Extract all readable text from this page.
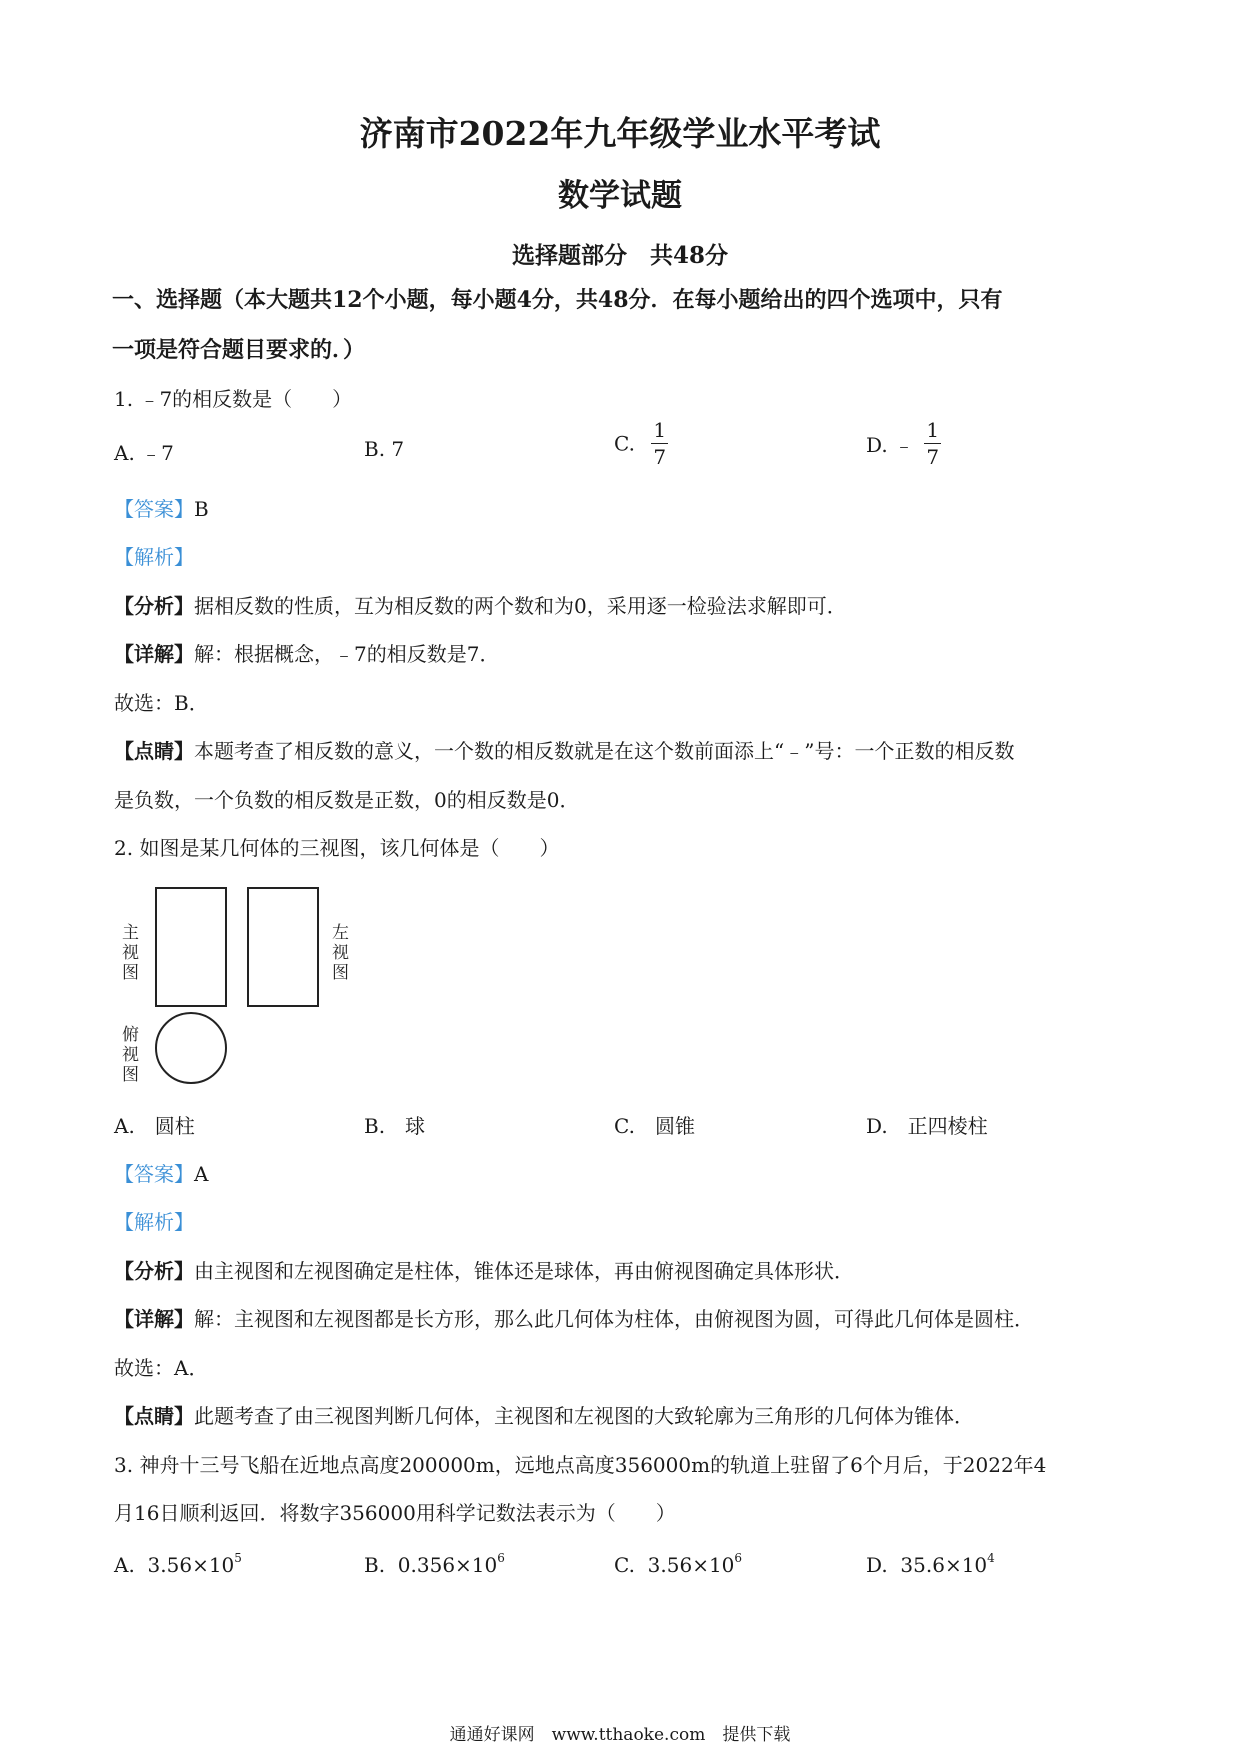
济南市2022年九年级学业水平考试
数学试题
选择题部分　共48分
一、选择题（本大题共12个小题，每小题4分，共48分．在每小题给出的四个选项中，只有
一项是符合题目要求的．）
1. ﹣7的相反数是（　　）
A. ﹣7	B. 7	C. $\frac{1}{7}$	D. ﹣ $\frac{1}{7}$
【答案】B
【解析】
【分析】据相反数的性质，互为相反数的两个数和为0，采用逐一检验法求解即可．
【详解】解：根据概念，﹣7的相反数是7．
故选：B．
【点睛】本题考查了相反数的意义，一个数的相反数就是在这个数前面添上“﹣”号：一个正数的相反数
是负数，一个负数的相反数是正数，0的相反数是0．
2. 如图是某几何体的三视图，该几何体是（　　）
主视图
左视图
俯视图
A.　圆柱	B.　球	C.　圆锥	D.　正四棱柱
【答案】A
【解析】
【分析】由主视图和左视图确定是柱体，锥体还是球体，再由俯视图确定具体形状．
【详解】解：主视图和左视图都是长方形，那么此几何体为柱体，由俯视图为圆，可得此几何体是圆柱．
故选：A．
【点睛】此题考查了由三视图判断几何体，主视图和左视图的大致轮廓为三角形的几何体为锥体．
3. 神舟十三号飞船在近地点高度200000m，远地点高度356000m的轨道上驻留了6个月后，于2022年4
月16日顺利返回．将数字356000用科学记数法表示为（　　）
A. $3.56\times 10^5$	B. $0.356\times 10^6$	C. $3.56\times 10^6$	D. $35.6\times 10^4$
通通好课网　www.tthaoke.com　提供下载
